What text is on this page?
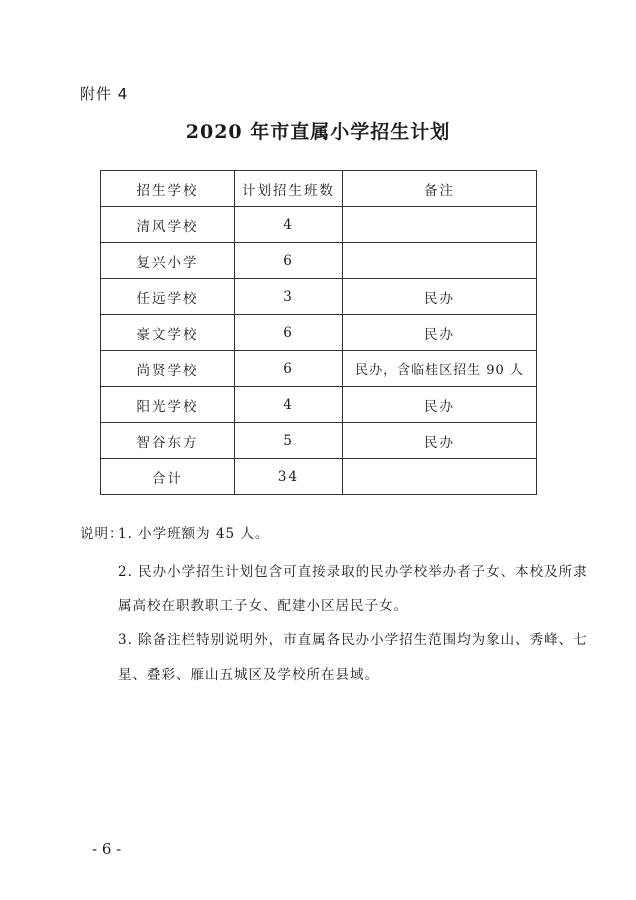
附件 4
2020 年市直属小学招生计划
招生学校	计划招生班数	备注
清风学校	4	
复兴小学	6	
任远学校	3	民办
豪文学校	6	民办
尚贤学校	6	民办，含临桂区招生 90 人
阳光学校	4	民办
智谷东方	5	民办
合计	34	
说明：
1. 小学班额为 45 人。
2. 民办小学招生计划包含可直接录取的民办学校举办者子女、本校及所隶
属高校在职教职工子女、配建小区居民子女。
3. 除备注栏特别说明外，市直属各民办小学招生范围均为象山、秀峰、七
星、叠彩、雁山五城区及学校所在县域。
- 6 -
